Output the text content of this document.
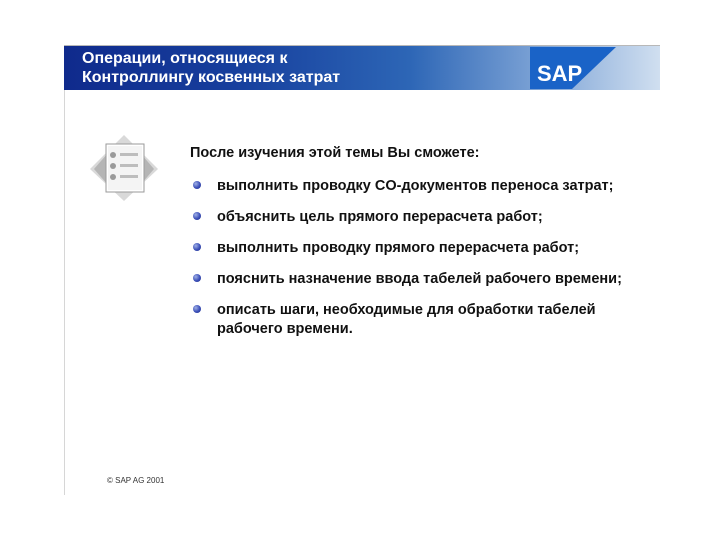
Операции, относящиеся к
Контроллингу косвенных затрат	SAP

После изучения этой темы Вы сможете:

выполнить проводку CO-документов переноса затрат;
объяснить цель прямого перерасчета работ;
выполнить проводку прямого перерасчета работ;
пояснить назначение ввода табелей рабочего времени;
описать шаги, необходимые для обработки табелей рабочего времени.
© SAP AG 2001
